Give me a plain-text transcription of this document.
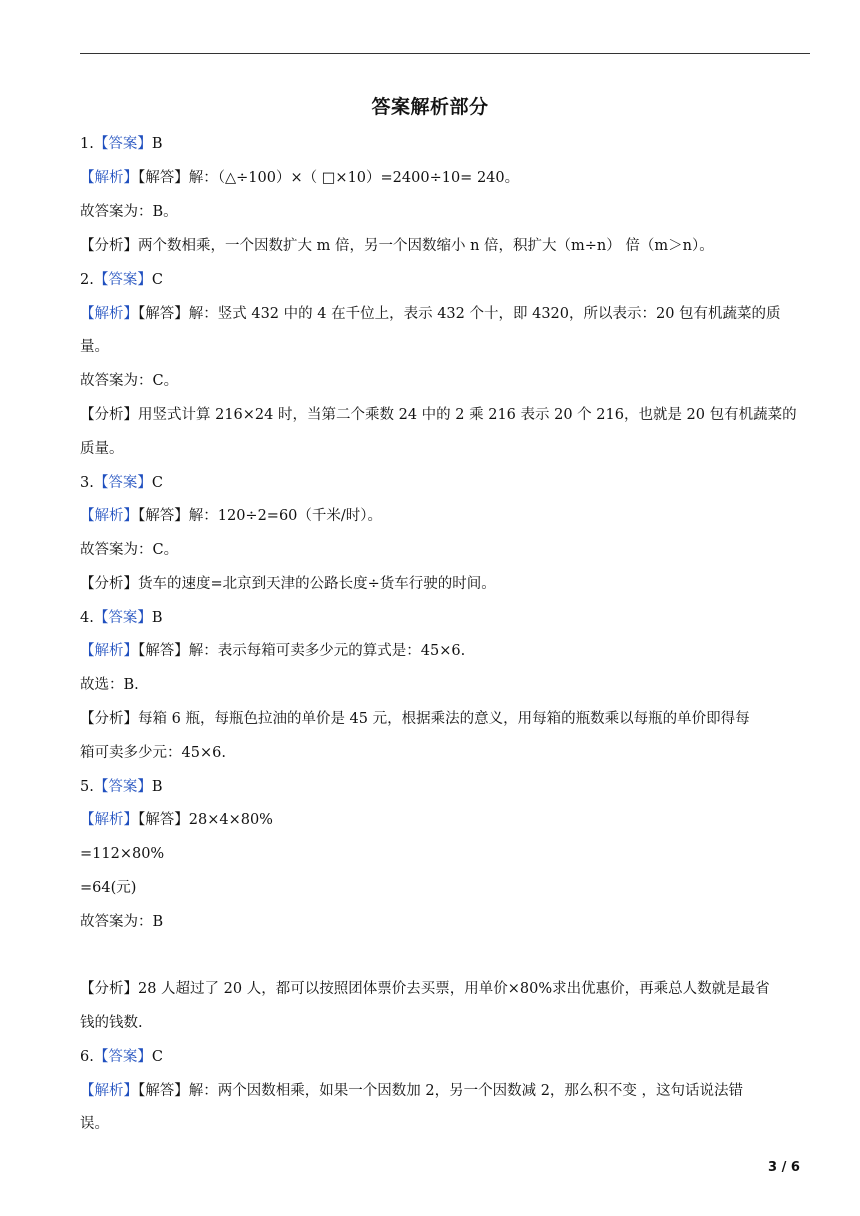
答案解析部分
1.【答案】B
【解析】【解答】解：（△÷100）×（ □×10）=2400÷10= 240。
故答案为：B。
【分析】两个数相乘，一个因数扩大 m 倍，另一个因数缩小 n 倍，积扩大（m÷n） 倍（m＞n）。
2.【答案】C
【解析】【解答】解：竖式 432 中的 4 在千位上，表示 432 个十，即 4320，所以表示：20 包有机蔬菜的质
量。
故答案为：C。
【分析】用竖式计算 216×24 时，当第二个乘数 24 中的 2 乘 216 表示 20 个 216，也就是 20 包有机蔬菜的
质量。
3.【答案】C
【解析】【解答】解：120÷2=60（千米/时）。
故答案为：C。
【分析】货车的速度=北京到天津的公路长度÷货车行驶的时间。
4.【答案】B
【解析】【解答】解：表示每箱可卖多少元的算式是：45×6.
故选：B.
【分析】每箱 6 瓶，每瓶色拉油的单价是 45 元，根据乘法的意义，用每箱的瓶数乘以每瓶的单价即得每
箱可卖多少元：45×6.
5.【答案】B
【解析】【解答】28×4×80%
=112×80%
=64(元)
故答案为：B
【分析】28 人超过了 20 人，都可以按照团体票价去买票，用单价×80%求出优惠价，再乘总人数就是最省
钱的钱数.
6.【答案】C
【解析】【解答】解：两个因数相乘，如果一个因数加 2，另一个因数减 2，那么积不变 ，这句话说法错
误。
3 / 6
